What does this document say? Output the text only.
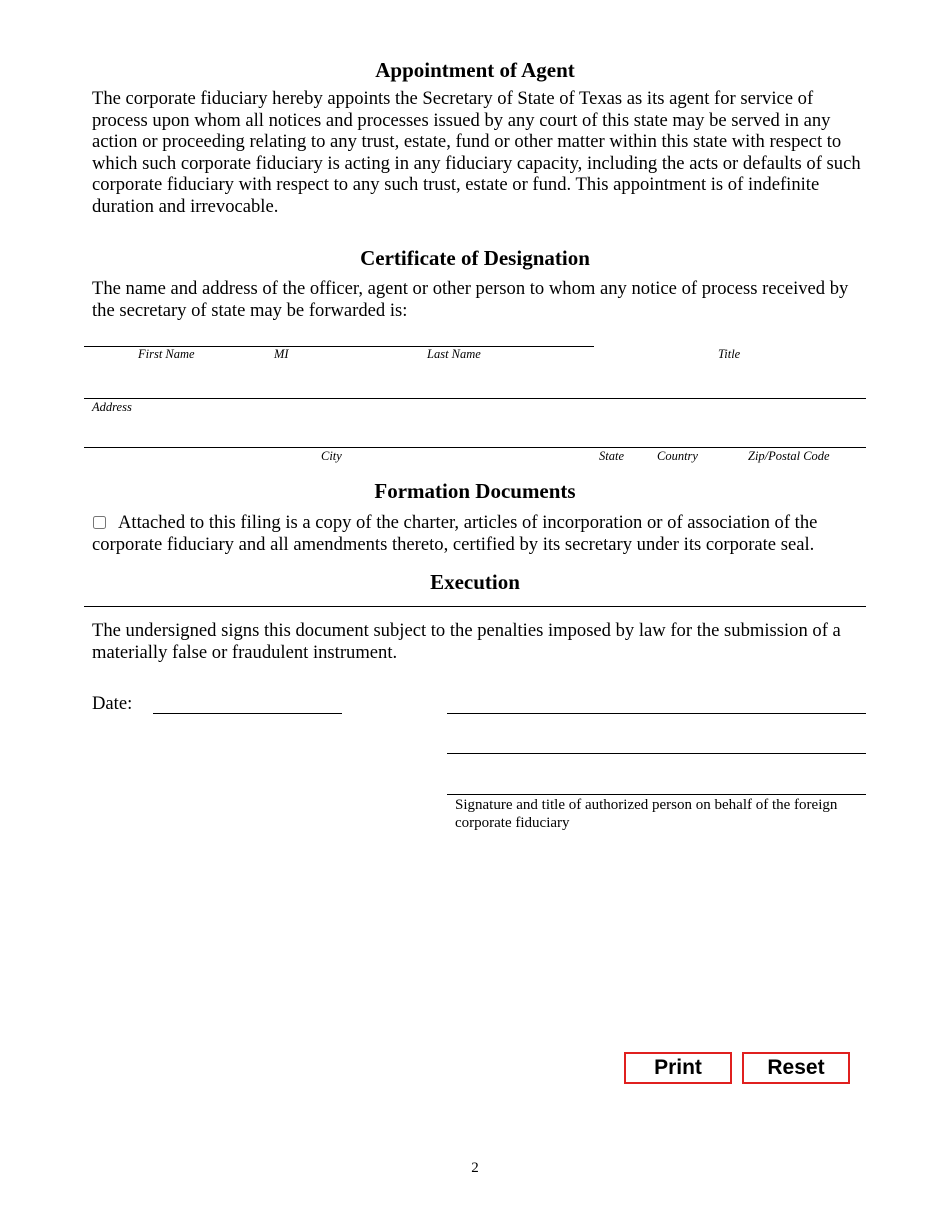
Appointment of Agent

The corporate fiduciary hereby appoints the Secretary of State of Texas as its agent for service of process upon whom all notices and processes issued by any court of this state may be served in any action or proceeding relating to any trust, estate, fund or other matter within this state with respect to which such corporate fiduciary is acting in any fiduciary capacity, including the acts or defaults of such corporate fiduciary with respect to any such trust, estate or fund. This appointment is of indefinite duration and irrevocable.

Certificate of Designation

The name and address of the officer, agent or other person to whom any notice of process received by the secretary of state may be forwarded is:

First Name	MI	Last Name	Title
Address
City	State	Country	Zip/Postal Code
Formation Documents

Attached to this filing is a copy of the charter, articles of incorporation or of association of the corporate fiduciary and all amendments thereto, certified by its secretary under its corporate seal.

Execution

The undersigned signs this document subject to the penalties imposed by law for the submission of a materially false or fraudulent instrument.

Date:
Signature and title of authorized person on behalf of the foreign corporate fiduciary
Print	Reset
2
